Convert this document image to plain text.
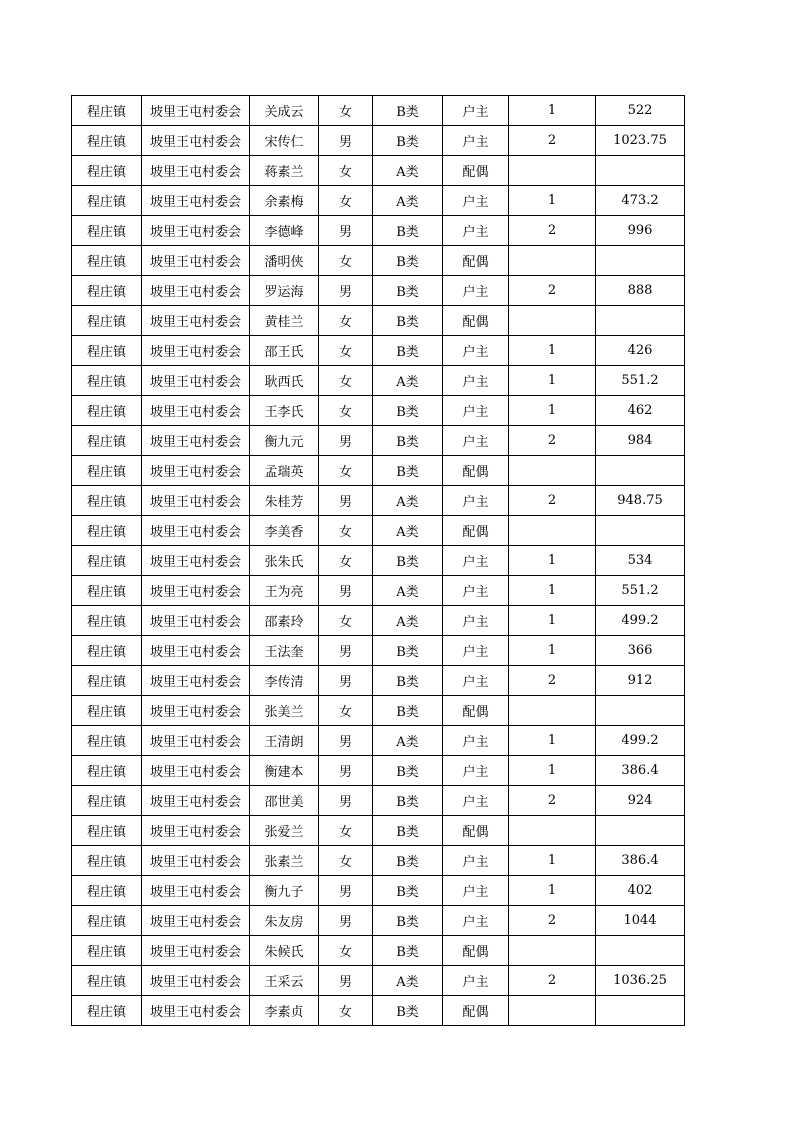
程庄镇	坡里王屯村委会	关成云	女	B类	户主	1	522
程庄镇	坡里王屯村委会	宋传仁	男	B类	户主	2	1023.75
程庄镇	坡里王屯村委会	蒋素兰	女	A类	配偶		
程庄镇	坡里王屯村委会	余素梅	女	A类	户主	1	473.2
程庄镇	坡里王屯村委会	李德峰	男	B类	户主	2	996
程庄镇	坡里王屯村委会	潘明侠	女	B类	配偶		
程庄镇	坡里王屯村委会	罗运海	男	B类	户主	2	888
程庄镇	坡里王屯村委会	黄桂兰	女	B类	配偶		
程庄镇	坡里王屯村委会	邵王氏	女	B类	户主	1	426
程庄镇	坡里王屯村委会	耿西氏	女	A类	户主	1	551.2
程庄镇	坡里王屯村委会	王李氏	女	B类	户主	1	462
程庄镇	坡里王屯村委会	衡九元	男	B类	户主	2	984
程庄镇	坡里王屯村委会	孟瑞英	女	B类	配偶		
程庄镇	坡里王屯村委会	朱桂芳	男	A类	户主	2	948.75
程庄镇	坡里王屯村委会	李美香	女	A类	配偶		
程庄镇	坡里王屯村委会	张朱氏	女	B类	户主	1	534
程庄镇	坡里王屯村委会	王为亮	男	A类	户主	1	551.2
程庄镇	坡里王屯村委会	邵素玲	女	A类	户主	1	499.2
程庄镇	坡里王屯村委会	王法奎	男	B类	户主	1	366
程庄镇	坡里王屯村委会	李传清	男	B类	户主	2	912
程庄镇	坡里王屯村委会	张美兰	女	B类	配偶		
程庄镇	坡里王屯村委会	王清朗	男	A类	户主	1	499.2
程庄镇	坡里王屯村委会	衡建本	男	B类	户主	1	386.4
程庄镇	坡里王屯村委会	邵世美	男	B类	户主	2	924
程庄镇	坡里王屯村委会	张爱兰	女	B类	配偶		
程庄镇	坡里王屯村委会	张素兰	女	B类	户主	1	386.4
程庄镇	坡里王屯村委会	衡九子	男	B类	户主	1	402
程庄镇	坡里王屯村委会	朱友房	男	B类	户主	2	1044
程庄镇	坡里王屯村委会	朱候氏	女	B类	配偶		
程庄镇	坡里王屯村委会	王采云	男	A类	户主	2	1036.25
程庄镇	坡里王屯村委会	李素贞	女	B类	配偶		
